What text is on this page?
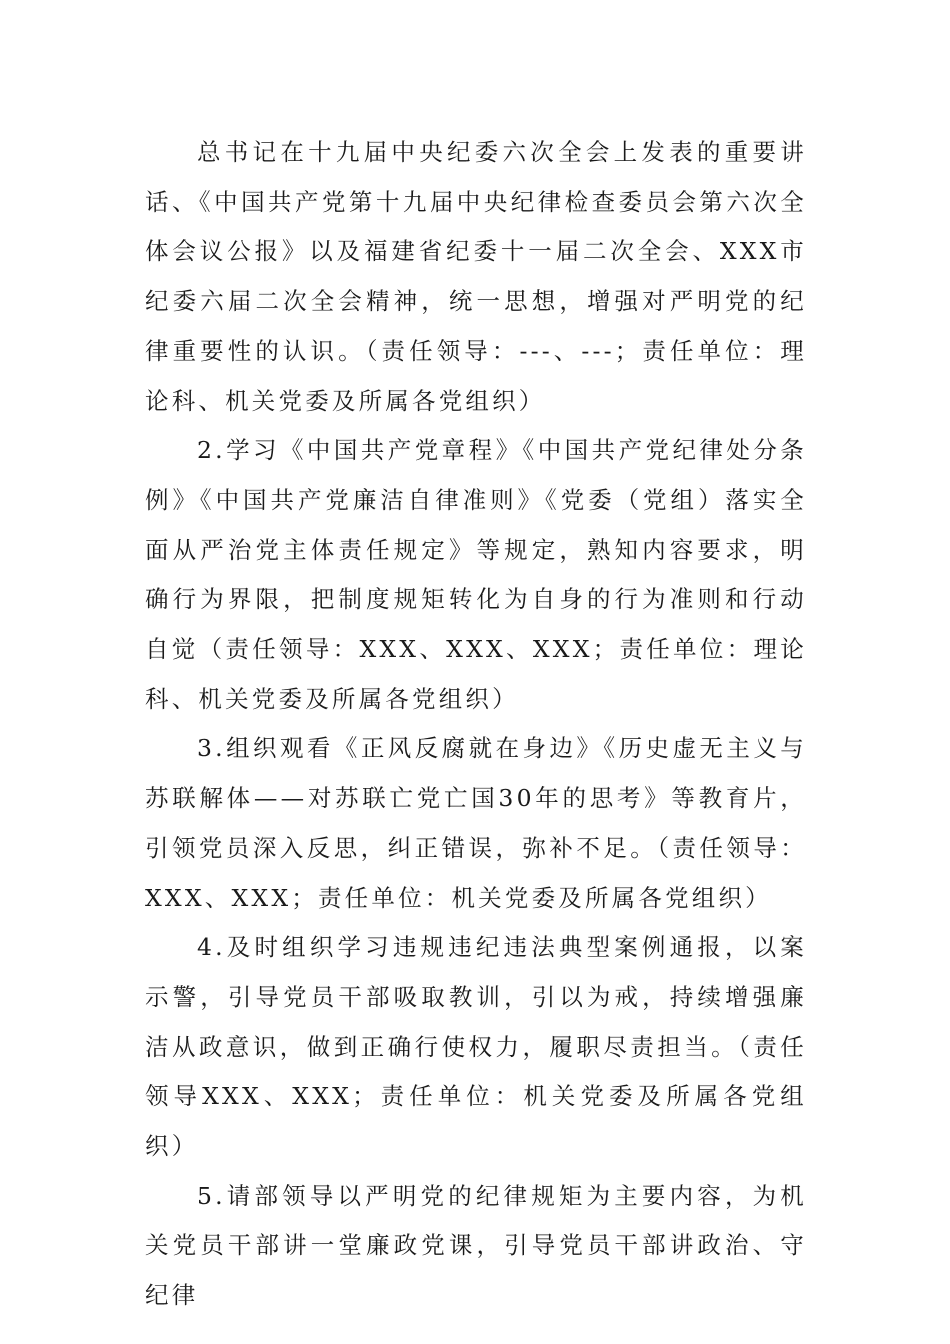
总书记在十九届中央纪委六次全会上发表的重要讲话、《中国共产党第十九届中央纪律检查委员会第六次全体会议公报》以及福建省纪委十一届二次全会、XXX市纪委六届二次全会精神，统一思想，增强对严明党的纪律重要性的认识。（责任领导：---、---；责任单位：理论科、机关党委及所属各党组织）

2.学习《中国共产党章程》《中国共产党纪律处分条例》《中国共产党廉洁自律准则》《党委（党组）落实全面从严治党主体责任规定》等规定，熟知内容要求，明确行为界限，把制度规矩转化为自身的行为准则和行动自觉（责任领导：XXX、XXX、XXX；责任单位：理论科、机关党委及所属各党组织）

3.组织观看《正风反腐就在身边》《历史虚无主义与苏联解体——对苏联亡党亡国30年的思考》等教育片，引领党员深入反思，纠正错误，弥补不足。（责任领导：XXX、XXX；责任单位：机关党委及所属各党组织）

4.及时组织学习违规违纪违法典型案例通报，以案示警，引导党员干部吸取教训，引以为戒，持续增强廉洁从政意识，做到正确行使权力，履职尽责担当。（责任领导XXX、XXX；责任单位：机关党委及所属各党组织）

5.请部领导以严明党的纪律规矩为主要内容，为机关党员干部讲一堂廉政党课，引导党员干部讲政治、守纪律
